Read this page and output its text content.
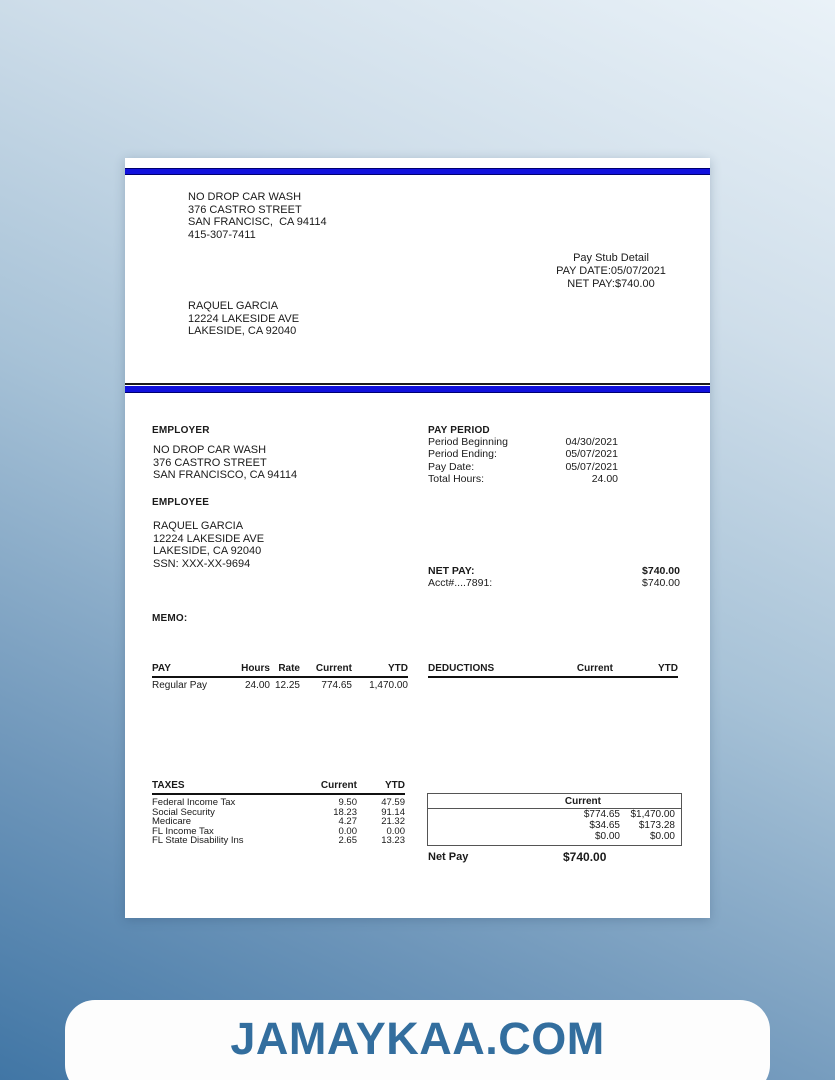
NO DROP CAR WASH
376 CASTRO STREET
SAN FRANCISC,  CA 94114
415-307-7411
Pay Stub Detail
PAY DATE:05/07/2021
NET PAY:$740.00
RAQUEL GARCIA
12224 LAKESIDE AVE
LAKESIDE, CA 92040
EMPLOYER
NO DROP CAR WASH
376 CASTRO STREET
SAN FRANCISCO, CA 94114
EMPLOYEE
RAQUEL GARCIA
12224 LAKESIDE AVE
LAKESIDE, CA 92040
SSN: XXX-XX-9694
PAY PERIOD
Period Beginning	04/30/2021
Period Ending:	05/07/2021
Pay Date:	05/07/2021
Total Hours:	24.00
NET PAY:	$740.00
Acct#....7891:	$740.00
MEMO:
PAY	Hours Rate	Current	YTD
Regular Pay	24.00 12.25	774.65	1,470.00
DEDUCTIONS	Current	YTD
TAXES	Current	YTD
Federal Income Tax	9.50	47.59
Social Security	18.23	91.14
Medicare	4.27	21.32
FL Income Tax	0.00	0.00
FL State Disability Ins	2.65	13.23
Current
$774.65	$1,470.00
$34.65	$173.28
$0.00	$0.00
Net Pay	$740.00
JAMAYKAA.COM
